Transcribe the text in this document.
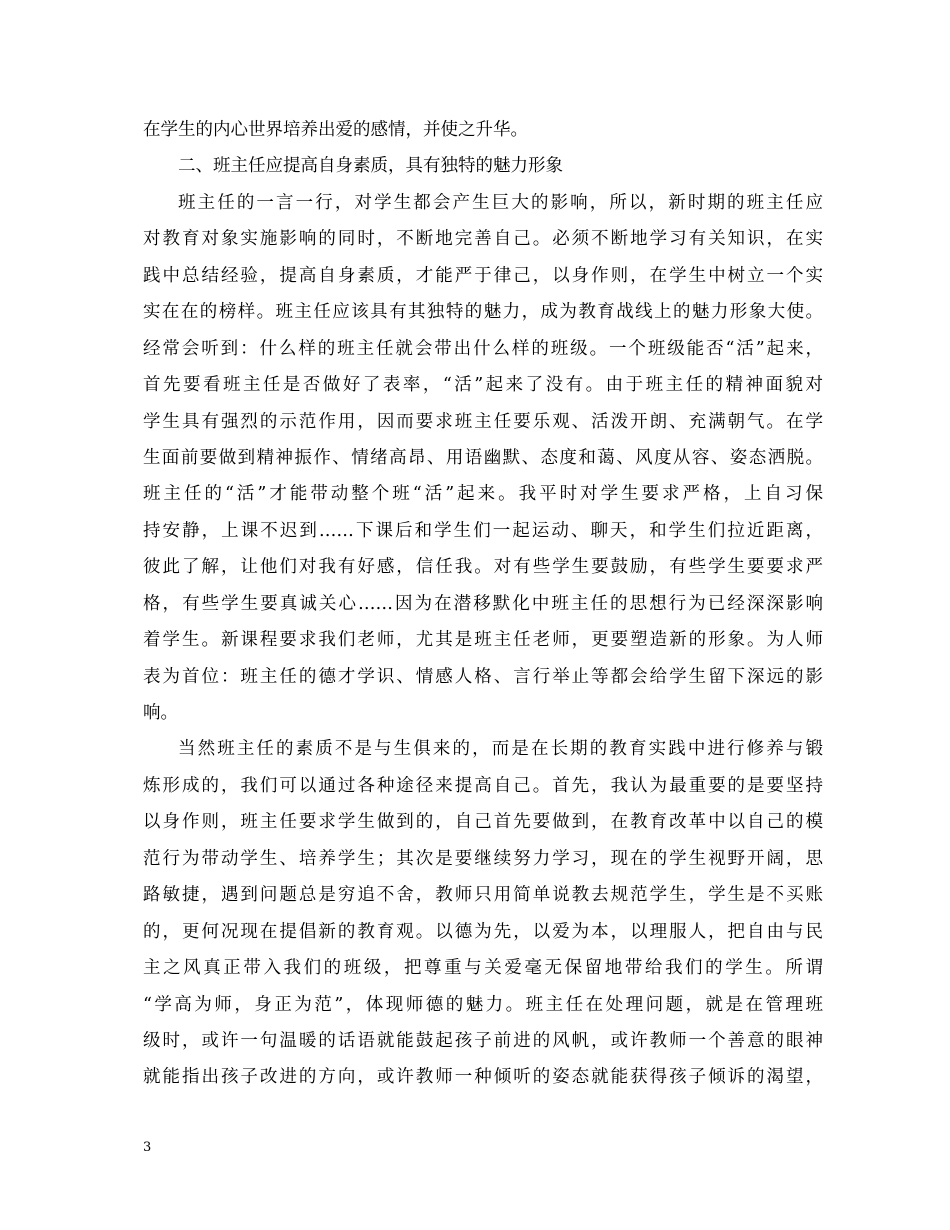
在学生的内心世界培养出爱的感情，并使之升华。
二、班主任应提高自身素质，具有独特的魅力形象
班主任的一言一行，对学生都会产生巨大的影响，所以，新时期的班主任应
对教育对象实施影响的同时，不断地完善自己。必须不断地学习有关知识，在实
践中总结经验，提高自身素质，才能严于律己，以身作则，在学生中树立一个实
实在在的榜样。班主任应该具有其独特的魅力，成为教育战线上的魅力形象大使。
经常会听到：什么样的班主任就会带出什么样的班级。一个班级能否“活”起来，
首先要看班主任是否做好了表率，“活”起来了没有。由于班主任的精神面貌对
学生具有强烈的示范作用，因而要求班主任要乐观、活泼开朗、充满朝气。在学
生面前要做到精神振作、情绪高昂、用语幽默、态度和蔼、风度从容、姿态洒脱。
班主任的“活”才能带动整个班“活”起来。我平时对学生要求严格，上自习保
持安静，上课不迟到……下课后和学生们一起运动、聊天，和学生们拉近距离，
彼此了解，让他们对我有好感，信任我。对有些学生要鼓励，有些学生要要求严
格，有些学生要真诚关心……因为在潜移默化中班主任的思想行为已经深深影响
着学生。新课程要求我们老师，尤其是班主任老师，更要塑造新的形象。为人师
表为首位：班主任的德才学识、情感人格、言行举止等都会给学生留下深远的影
响。
当然班主任的素质不是与生俱来的，而是在长期的教育实践中进行修养与锻
炼形成的，我们可以通过各种途径来提高自己。首先，我认为最重要的是要坚持
以身作则，班主任要求学生做到的，自己首先要做到，在教育改革中以自己的模
范行为带动学生、培养学生；其次是要继续努力学习，现在的学生视野开阔，思
路敏捷，遇到问题总是穷追不舍，教师只用简单说教去规范学生，学生是不买账
的，更何况现在提倡新的教育观。以德为先，以爱为本，以理服人，把自由与民
主之风真正带入我们的班级，把尊重与关爱毫无保留地带给我们的学生。所谓
“学高为师，身正为范”，体现师德的魅力。班主任在处理问题，就是在管理班
级时，或许一句温暖的话语就能鼓起孩子前进的风帆，或许教师一个善意的眼神
就能指出孩子改进的方向，或许教师一种倾听的姿态就能获得孩子倾诉的渴望，
3
